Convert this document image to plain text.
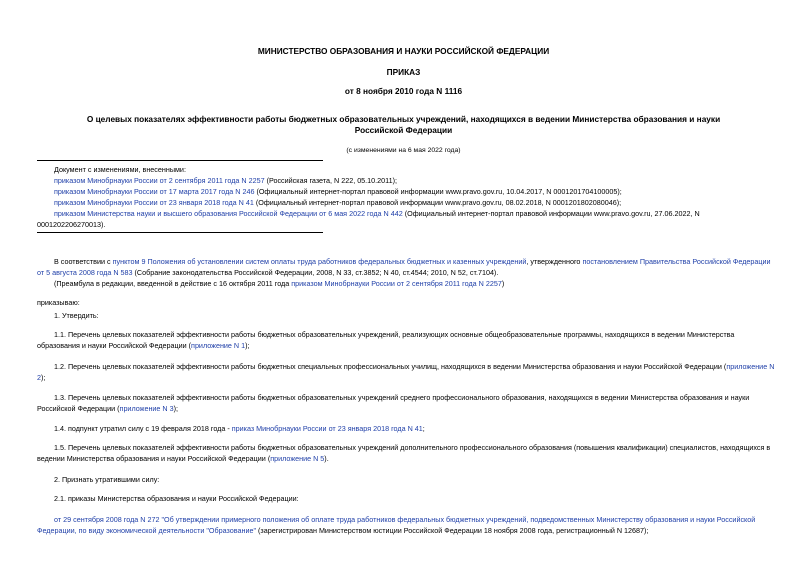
МИНИСТЕРСТВО ОБРАЗОВАНИЯ И НАУКИ РОССИЙСКОЙ ФЕДЕРАЦИИ
ПРИКАЗ
от 8 ноября 2010 года N 1116
О целевых показателях эффективности работы бюджетных образовательных учреждений, находящихся в ведении Министерства образования и науки
Российской Федерации
(с изменениями на 6 мая 2022 года)
Документ с изменениями, внесенными:
приказом Минобрнауки России от 2 сентября 2011 года N 2257 (Российская газета, N 222, 05.10.2011);
приказом Минобрнауки России от 17 марта 2017 года N 246 (Официальный интернет-портал правовой информации www.pravo.gov.ru, 10.04.2017, N 0001201704100005);
приказом Минобрнауки России от 23 января 2018 года N 41 (Официальный интернет-портал правовой информации www.pravo.gov.ru, 08.02.2018, N 0001201802080046);
приказом Министерства науки и высшего образования Российской Федерации от 6 мая 2022 года N 442 (Официальный интернет-портал правовой информации www.pravo.gov.ru, 27.06.2022, N
0001202206270013).
В соответствии с пунктом 9 Положения об установлении систем оплаты труда работников федеральных бюджетных и казенных учреждений, утвержденного постановлением Правительства Российской Федерации
от 5 августа 2008 года N 583 (Собрание законодательства Российской Федерации, 2008, N 33, ст.3852; N 40, ст.4544; 2010, N 52, ст.7104).
(Преамбула в редакции, введенной в действие с 16 октября 2011 года приказом Минобрнауки России от 2 сентября 2011 года N 2257)
приказываю:
1. Утвердить:
1.1. Перечень целевых показателей эффективности работы бюджетных образовательных учреждений, реализующих основные общеобразовательные программы, находящихся в ведении Министерства
образования и науки Российской Федерации (приложение N 1);
1.2. Перечень целевых показателей эффективности работы бюджетных специальных профессиональных училищ, находящихся в ведении Министерства образования и науки Российской Федерации (приложение N
2);
1.3. Перечень целевых показателей эффективности работы бюджетных образовательных учреждений среднего профессионального образования, находящихся в ведении Министерства образования и науки
Российской Федерации (приложение N 3);
1.4. подпункт утратил силу с 19 февраля 2018 года - приказ Минобрнауки России от 23 января 2018 года N 41;
1.5. Перечень целевых показателей эффективности работы бюджетных образовательных учреждений дополнительного профессионального образования (повышения квалификации) специалистов, находящихся в
ведении Министерства образования и науки Российской Федерации (приложение N 5).
2. Признать утратившими силу:
2.1. приказы Министерства образования и науки Российской Федерации:
от 29 сентября 2008 года N 272 "Об утверждении примерного положения об оплате труда работников федеральных бюджетных учреждений, подведомственных Министерству образования и науки Российской
Федерации, по виду экономической деятельности "Образование" (зарегистрирован Министерством юстиции Российской Федерации 18 ноября 2008 года, регистрационный N 12687);
